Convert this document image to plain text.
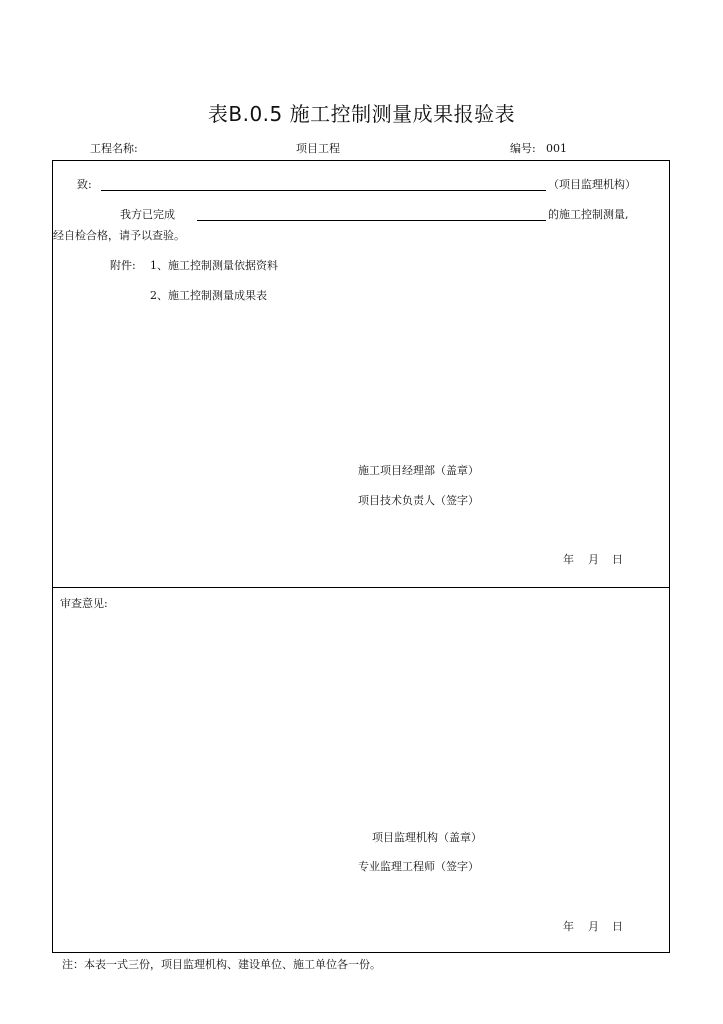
表B.0.5 施工控制测量成果报验表
工程名称:	项目工程	编号: 001
致:	（项目监理机构）
我方已完成	的施工控制测量,
经自检合格，请予以查验。
附件: 1、施工控制测量依据资料
2、施工控制测量成果表
施工项目经理部（盖章）
项目技术负责人（签字）
年 月 日
审查意见:
项目监理机构（盖章）
专业监理工程师（签字）
年 月 日
注：本表一式三份，项目监理机构、建设单位、施工单位各一份。
